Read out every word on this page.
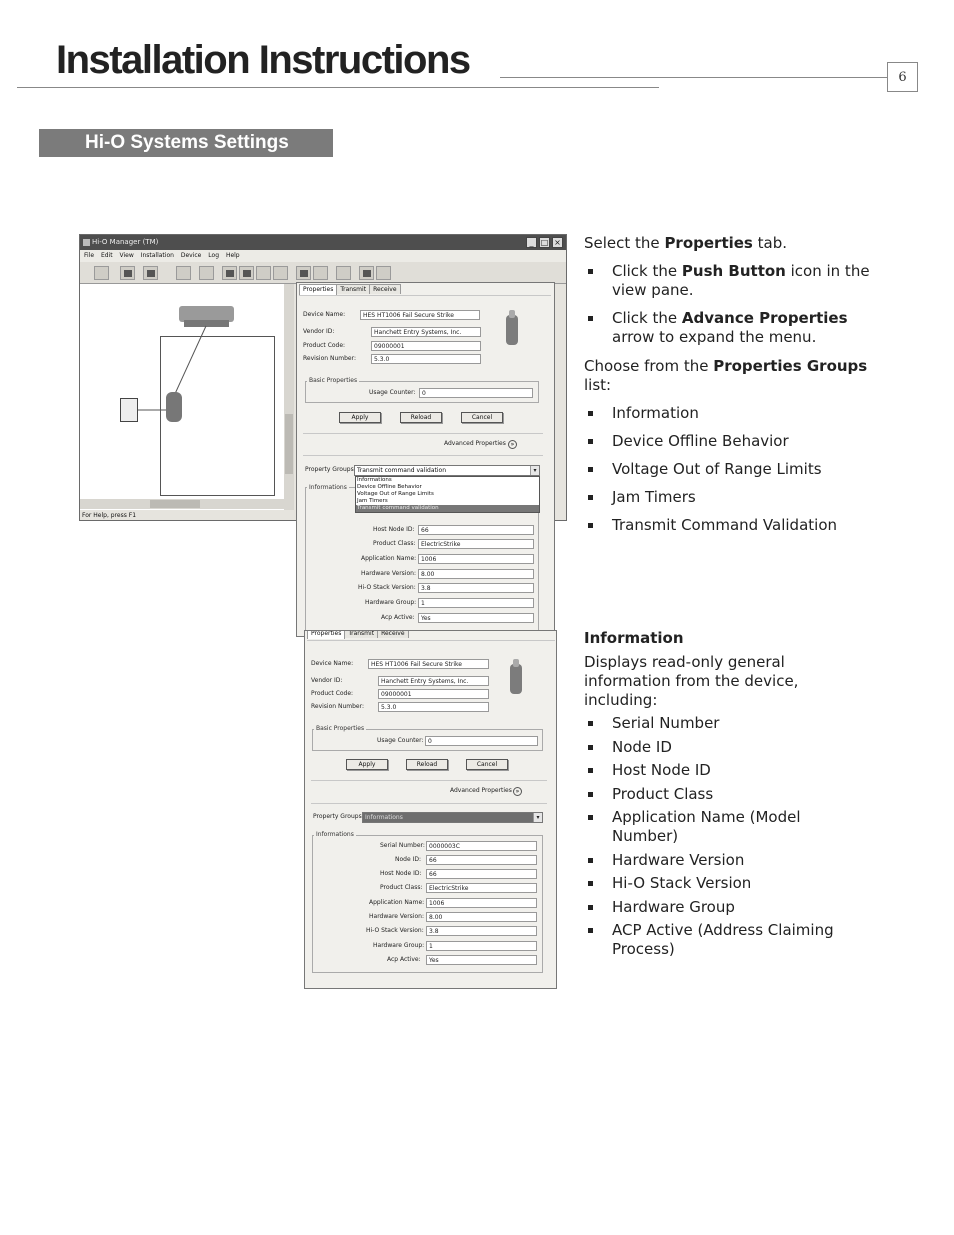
Installation Instructions	6
Hi-O Systems Settings
Hi-O Manager (TM)	_ □ ×
File Edit View Installation Device Log Help
For Help, press F1
Properties Transmit Receive
Device Name:	HES HT1006 Fail Secure Strike
Vendor ID:	Hanchett Entry Systems, Inc.
Product Code:	09000001
Revision Number:	5.3.0
Basic Properties
Usage Counter:	0
Apply	Reload	Cancel
Advanced Properties »
Property Groups Transmit command validation	▾
Informations
Host Node ID:	66
Product Class: ElectricStrike
Application Name: 1006
Hardware Version: 8.00
Hi-O Stack Version: 3.8
Hardware Group: 1
Acp Active:	Yes
Informations
Device Offline Behavior
Voltage Out of Range Limits
Jam Timers
Transmit command validation
Properties Transmit Receive
Device Name:	HES HT1006 Fail Secure Strike
Vendor ID:	Hanchett Entry Systems, Inc.
Product Code:	09000001
Revision Number:	5.3.0
Basic Properties
Usage Counter: 0
Apply	Reload	Cancel
Advanced Properties »
Property Groups Informations	▾
Informations
Serial Number: 0000003C
Node ID:	66
Host Node ID:	66
Product Class:	ElectricStrike
Application Name: 1006
Hardware Version: 8.00
Hi-O Stack Version: 3.8
Hardware Group: 1
Acp Active:	Yes
Select the Properties tab.
Click the Push Button icon in the view pane.
Click the Advance Properties arrow to expand the menu.
Choose from the Properties Groups list:
Information
Device Offline Behavior
Voltage Out of Range Limits
Jam Timers
Transmit Command Validation
Information
Displays read-only general information from the device, including:
Serial Number
Node ID
Host Node ID
Product Class
Application Name (Model Number)
Hardware Version
Hi-O Stack Version
Hardware Group
ACP Active (Address Claiming Process)
